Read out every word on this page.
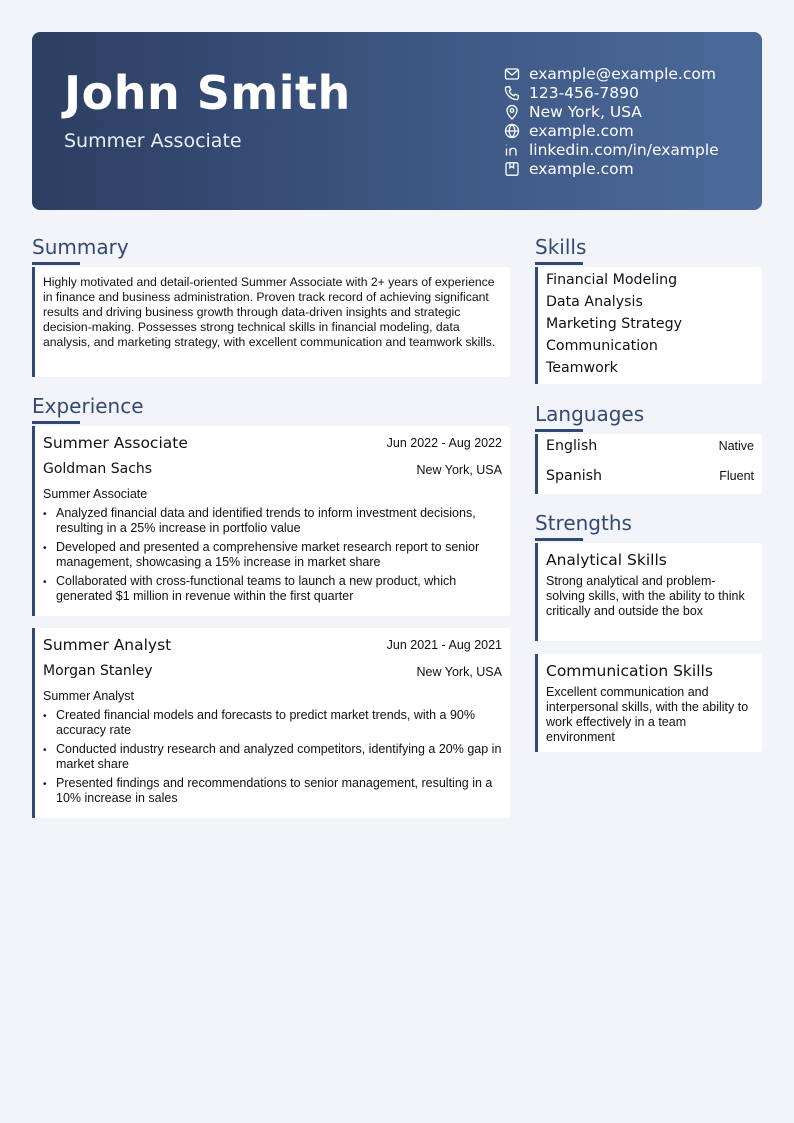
John Smith
Summer Associate
example@example.com
123-456-7890
New York, USA
example.com
linkedin.com/in/example
example.com
Summary
Highly motivated and detail-oriented Summer Associate with 2+ years of experience in finance and business administration. Proven track record of achieving significant results and driving business growth through data-driven insights and strategic decision-making. Possesses strong technical skills in financial modeling, data analysis, and marketing strategy, with excellent communication and teamwork skills.
Experience
Summer Associate	Jun 2022 - Aug 2022
Goldman Sachs	New York, USA
Summer Associate
• Analyzed financial data and identified trends to inform investment decisions, resulting in a 25% increase in portfolio value
• Developed and presented a comprehensive market research report to senior management, showcasing a 15% increase in market share
• Collaborated with cross-functional teams to launch a new product, which generated $1 million in revenue within the first quarter
Summer Analyst	Jun 2021 - Aug 2021
Morgan Stanley	New York, USA
Summer Analyst
• Created financial models and forecasts to predict market trends, with a 90% accuracy rate
• Conducted industry research and analyzed competitors, identifying a 20% gap in market share
• Presented findings and recommendations to senior management, resulting in a 10% increase in sales
Skills
Financial Modeling
Data Analysis
Marketing Strategy
Communication
Teamwork
Languages
English	Native
Spanish	Fluent
Strengths
Analytical Skills
Strong analytical and problem-solving skills, with the ability to think critically and outside the box
Communication Skills
Excellent communication and interpersonal skills, with the ability to work effectively in a team environment
